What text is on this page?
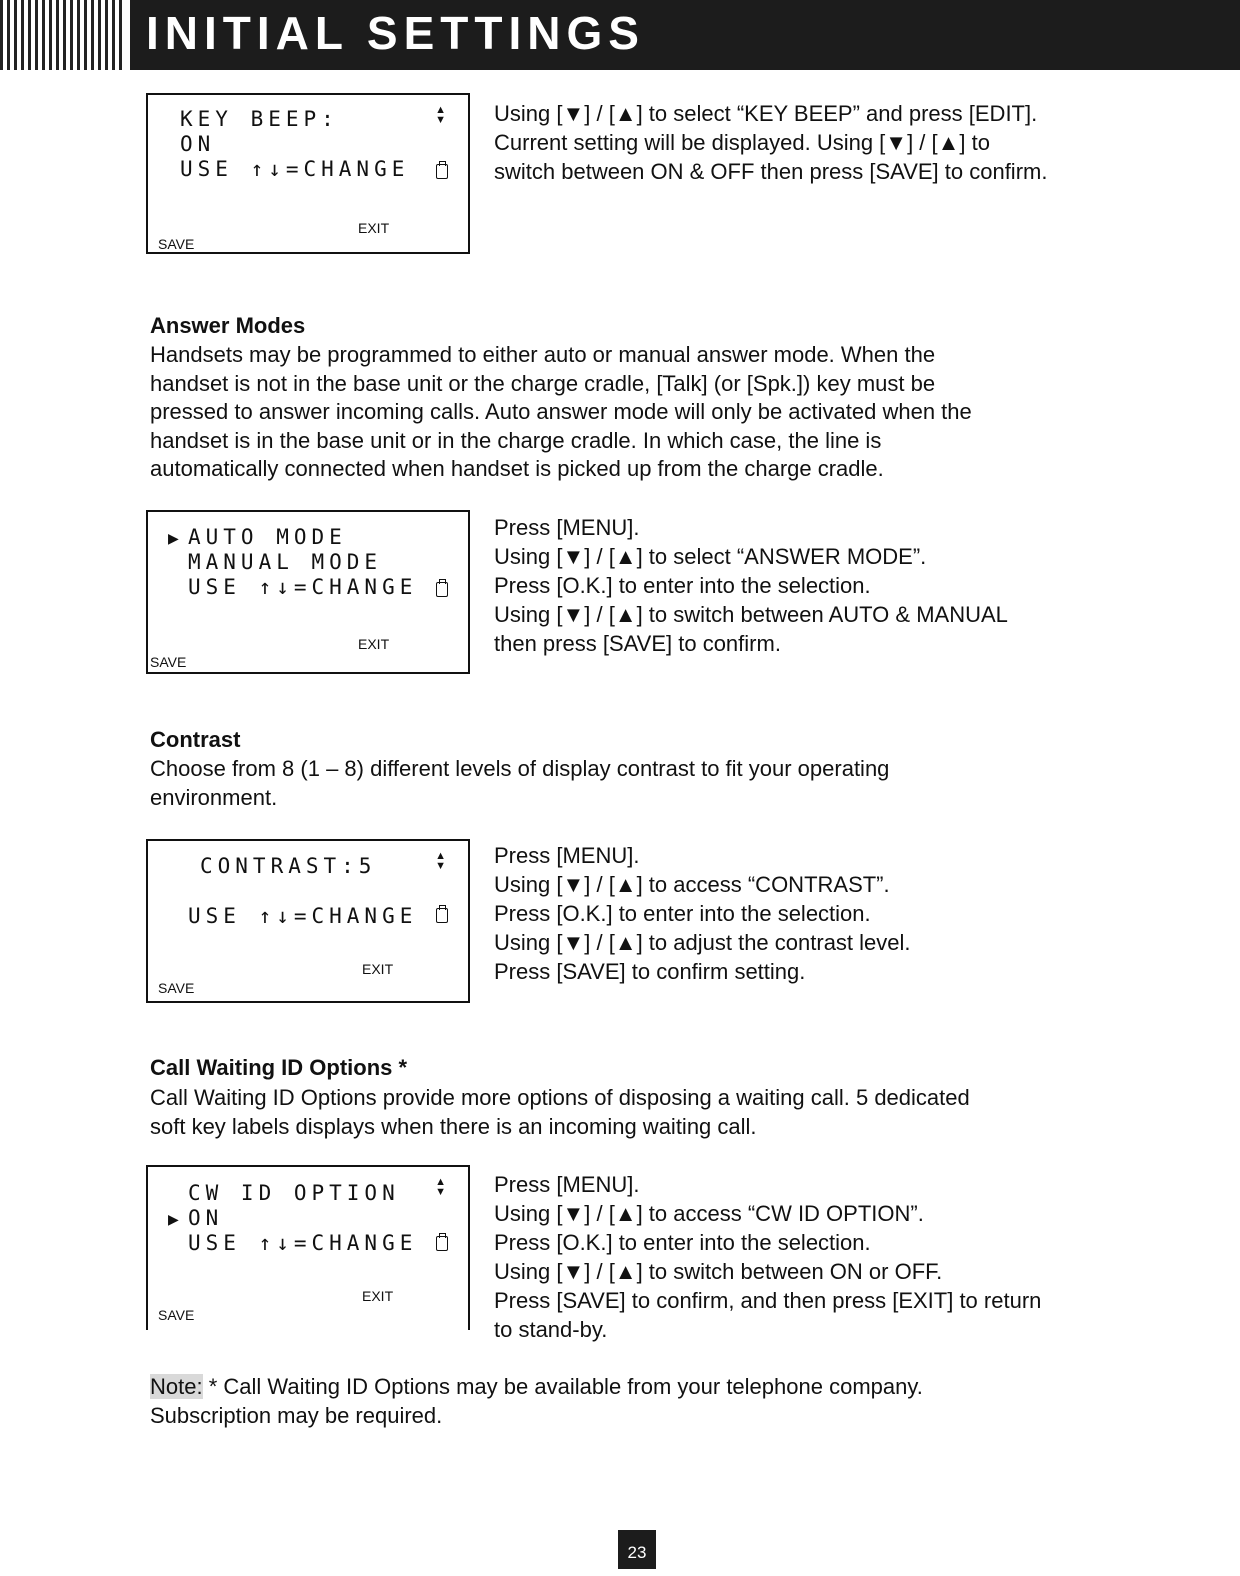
INITIAL SETTINGS
KEY BEEP:
ON
USE ↑↓=CHANGE
▲
▼
EXIT
SAVE
Using [▼] / [▲] to select “KEY BEEP” and press [EDIT].
Current setting will be displayed. Using [▼] / [▲] to
switch between ON & OFF then press [SAVE] to confirm.
Answer Modes
Handsets may be programmed to either auto or manual answer mode. When the
handset is not in the base unit or the charge cradle, [Talk] (or [Spk.]) key must be
pressed to answer incoming calls. Auto answer mode will only be activated when the
handset is in the base unit or in the charge cradle. In which case, the line is
automatically connected when handset is picked up from the charge cradle.
▶ AUTO MODE
MANUAL MODE
USE ↑↓=CHANGE
EXIT
SAVE
Press [MENU].
Using [▼] / [▲] to select “ANSWER MODE”.
Press [O.K.] to enter into the selection.
Using [▼] / [▲] to switch between AUTO & MANUAL
then press [SAVE] to confirm.
Contrast
Choose from 8 (1 – 8) different levels of display contrast to fit your operating
environment.
CONTRAST:5	▲
▼
USE ↑↓=CHANGE
EXIT
SAVE
Press [MENU].
Using [▼] / [▲] to access “CONTRAST”.
Press [O.K.] to enter into the selection.
Using [▼] / [▲] to adjust the contrast level.
Press [SAVE] to confirm setting.
Call Waiting ID Options *
Call Waiting ID Options provide more options of disposing a waiting call. 5 dedicated
soft key labels displays when there is an incoming waiting call.
CW ID OPTION	▲
▼
▶ ON
USE ↑↓=CHANGE
EXIT
SAVE
Press [MENU].
Using [▼] / [▲] to access “CW ID OPTION”.
Press [O.K.] to enter into the selection.
Using [▼] / [▲] to switch between ON or OFF.
Press [SAVE] to confirm, and then press [EXIT] to return
to stand-by.
Note: * Call Waiting ID Options may be available from your telephone company.
Subscription may be required.
23
